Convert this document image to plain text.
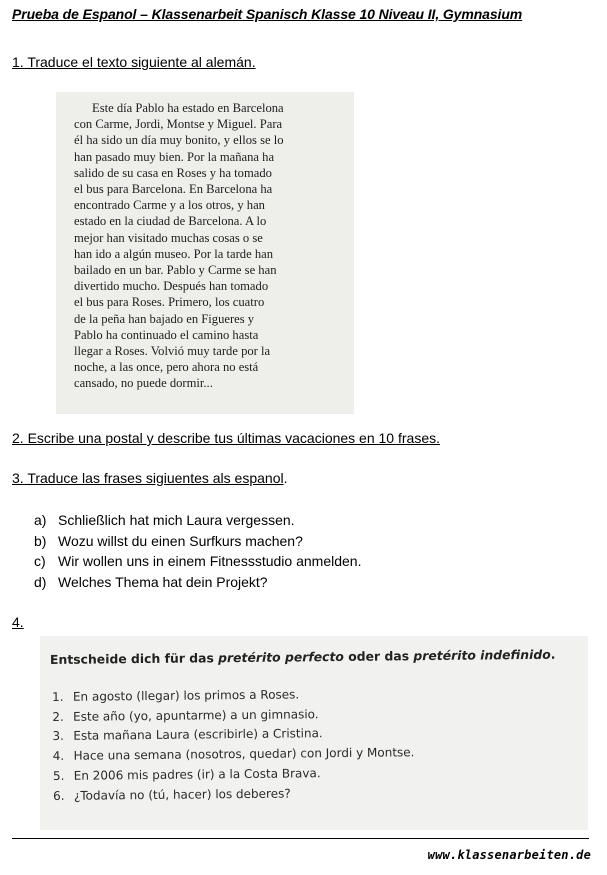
Prueba de Espanol – Klassenarbeit Spanisch Klasse 10 Niveau II, Gymnasium
1. Traduce el texto siguiente al alemán.
Este día Pablo ha estado en Barcelona
con Carme, Jordi, Montse y Miguel. Para
él ha sido un día muy bonito, y ellos se lo
han pasado muy bien. Por la mañana ha
salido de su casa en Roses y ha tomado
el bus para Barcelona. En Barcelona ha
encontrado Carme y a los otros, y han
estado en la ciudad de Barcelona. A lo
mejor han visitado muchas cosas o se
han ido a algún museo. Por la tarde han
bailado en un bar. Pablo y Carme se han
divertido mucho. Después han tomado
el bus para Roses. Primero, los cuatro
de la peña han bajado en Figueres y
Pablo ha continuado el camino hasta
llegar a Roses. Volvió muy tarde por la
noche, a las once, pero ahora no está
cansado, no puede dormir...
2. Escribe una postal y describe tus últimas vacaciones en 10 frases.
3. Traduce las frases sigiuentes als espanol.
a) Schließlich hat mich Laura vergessen.
b) Wozu willst du einen Surfkurs machen?
c) Wir wollen uns in einem Fitnessstudio anmelden.
d) Welches Thema hat dein Projekt?
4.
Entscheide dich für das pretérito perfecto oder das pretérito indefinido.
1. En agosto (llegar) los primos a Roses.
2. Este año (yo, apuntarme) a un gimnasio.
3. Esta mañana Laura (escribirle) a Cristina.
4. Hace una semana (nosotros, quedar) con Jordi y Montse.
5. En 2006 mis padres (ir) a la Costa Brava.
6. ¿Todavía no (tú, hacer) los deberes?
www.klassenarbeiten.de
